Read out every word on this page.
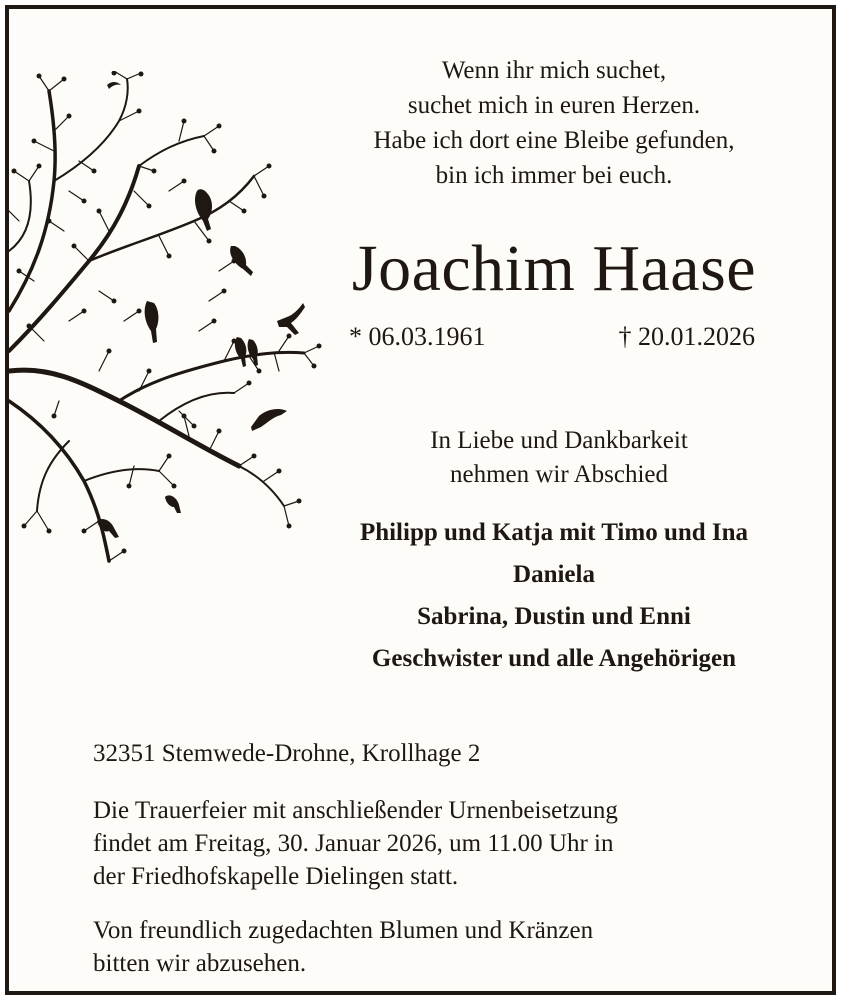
Wenn ihr mich suchet,
suchet mich in euren Herzen.
Habe ich dort eine Bleibe gefunden,
bin ich immer bei euch.
Joachim Haase
* 06.03.1961	† 20.01.2026
In Liebe und Dankbarkeit
nehmen wir Abschied
Philipp und Katja mit Timo und Ina
Daniela
Sabrina, Dustin und Enni
Geschwister und alle Angehörigen
32351 Stemwede-Drohne, Krollhage 2
Die Trauerfeier mit anschließender Urnenbeisetzung
findet am Freitag, 30. Januar 2026, um 11.00 Uhr in
der Friedhofskapelle Dielingen statt.
Von freundlich zugedachten Blumen und Kränzen
bitten wir abzusehen.
